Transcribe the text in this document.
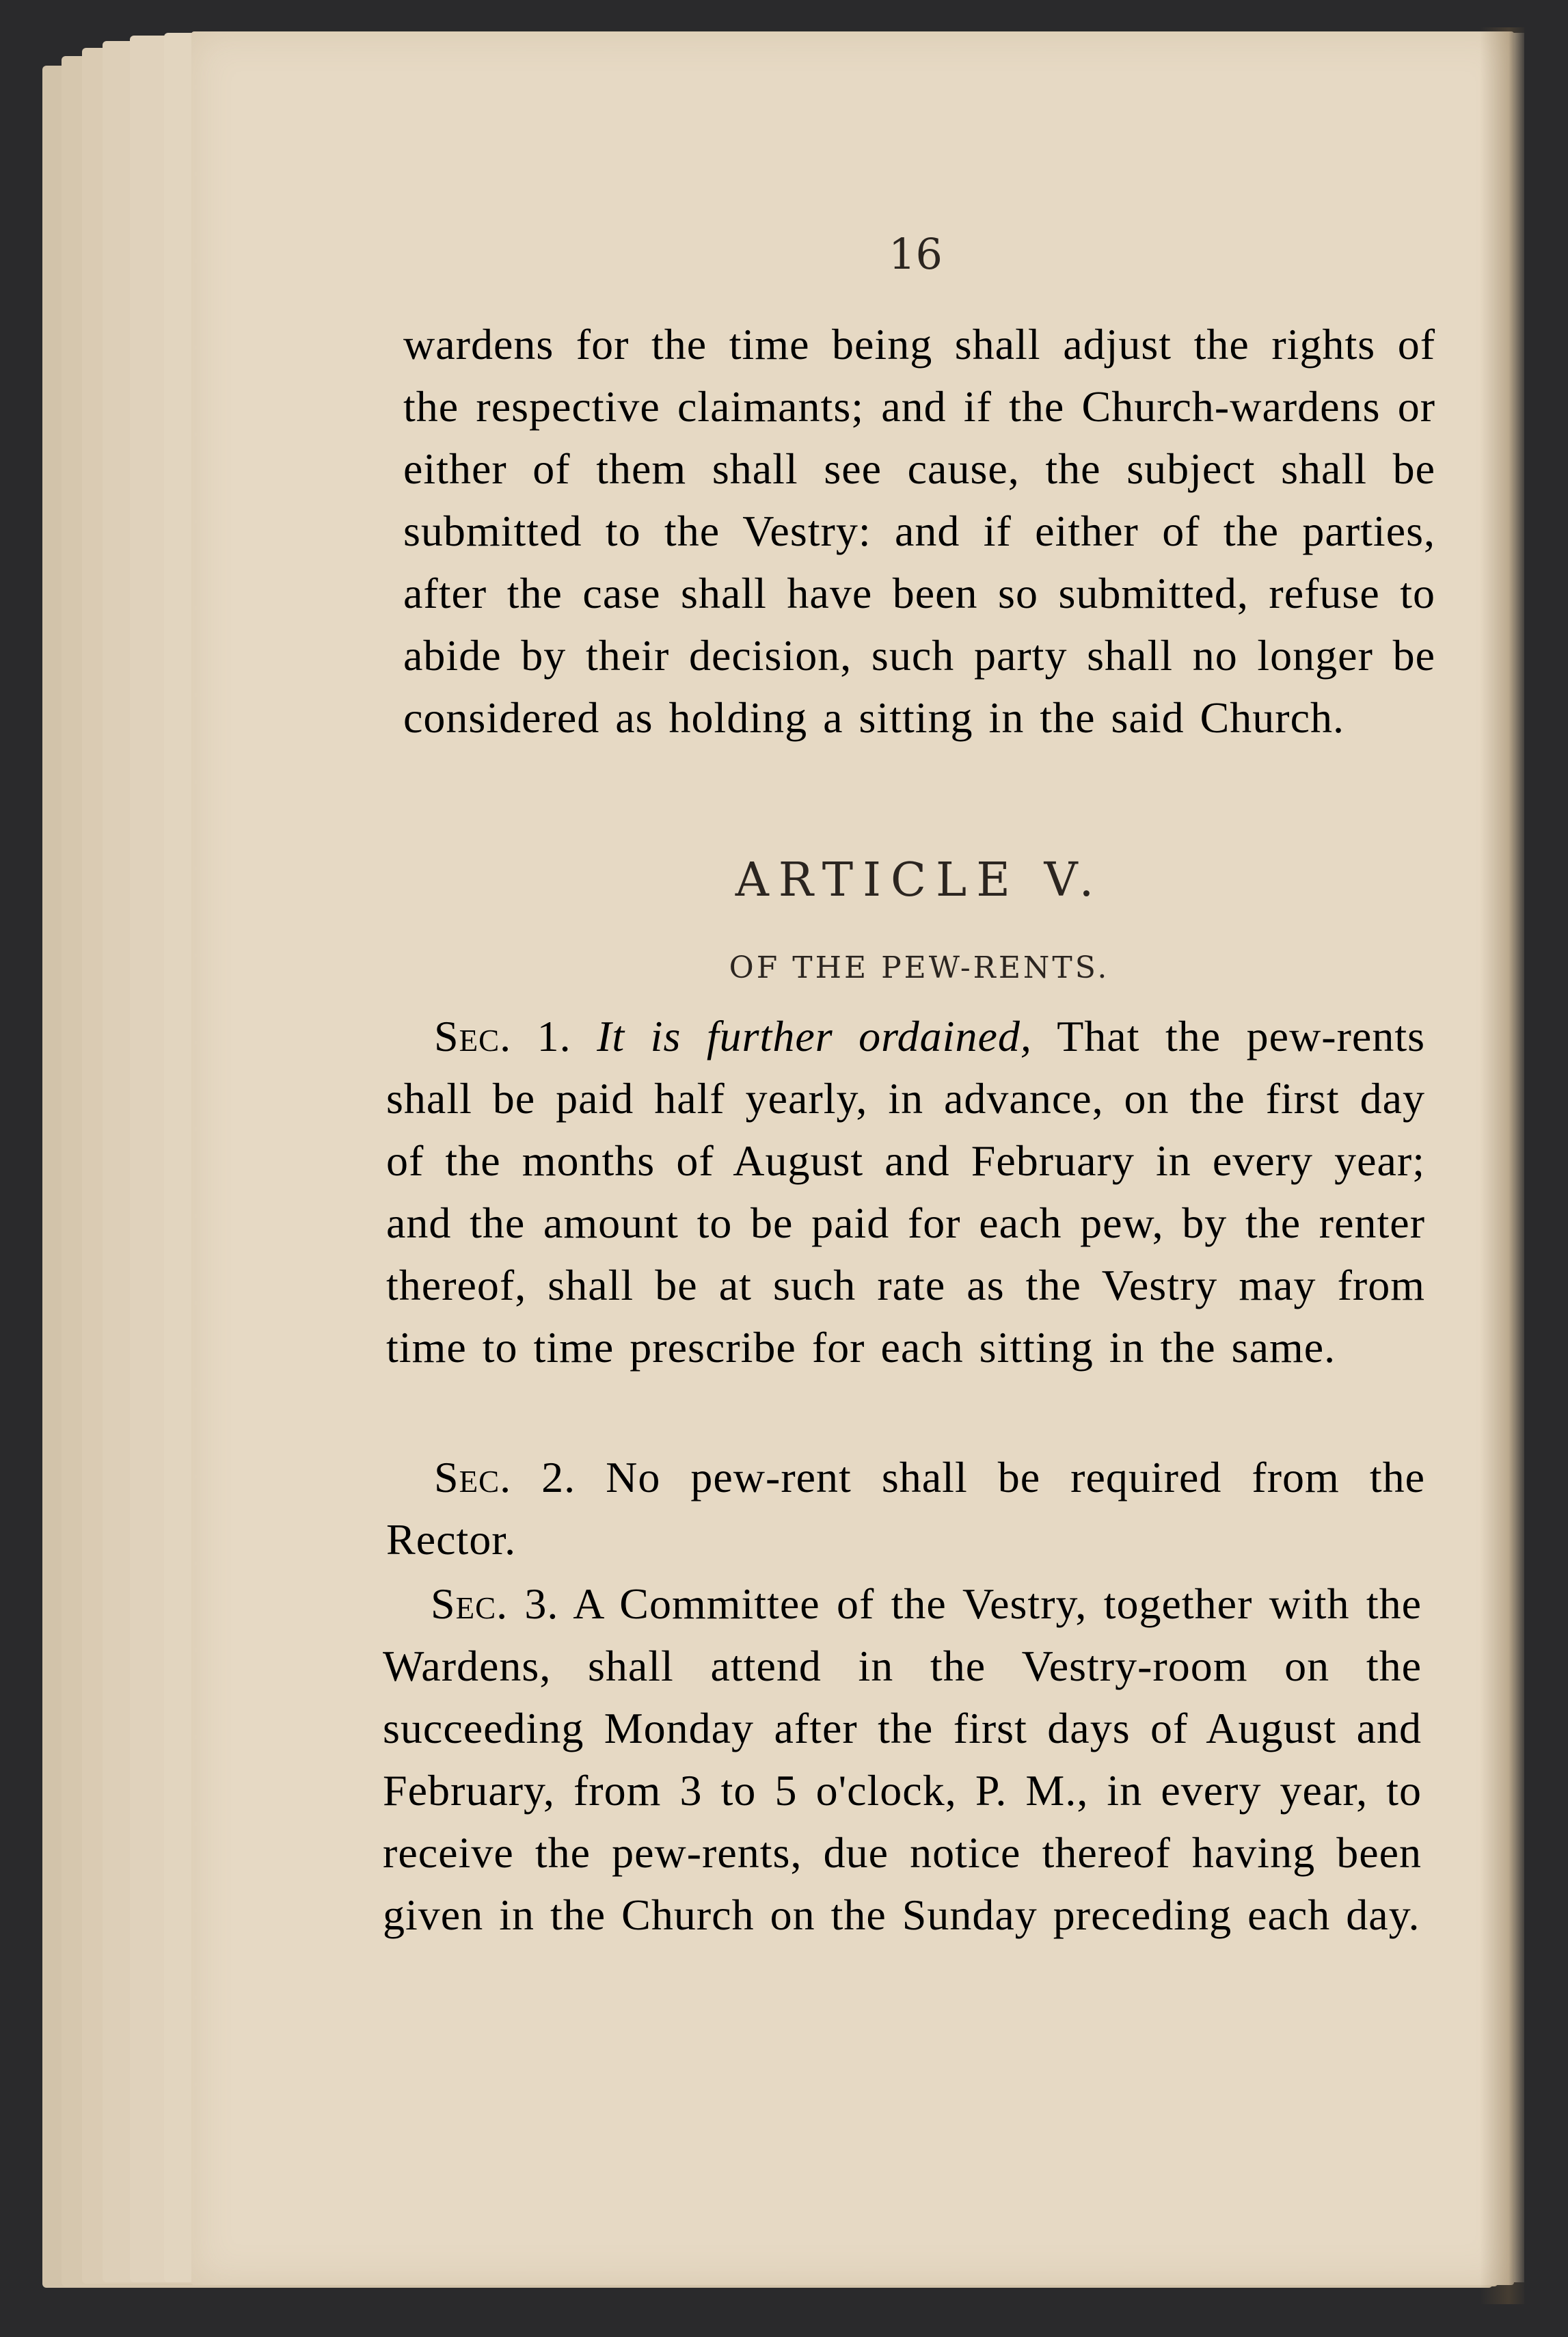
16

wardens for the time being shall adjust the rights of the respective claimants; and if the Church-wardens or either of them shall see cause, the subject shall be submitted to the Vestry: and if either of the parties, after the case shall have been so submitted, refuse to abide by their decision, such party shall no longer be considered as holding a sitting in the said Church.

ARTICLE V.
OF THE PEW-RENTS.

Sec. 1. It is further ordained, That the pew-rents shall be paid half yearly, in advance, on the first day of the months of August and February in every year; and the amount to be paid for each pew, by the renter thereof, shall be at such rate as the Vestry may from time to time prescribe for each sitting in the same.

Sec. 2. No pew-rent shall be required from the Rector.

Sec. 3. A Committee of the Vestry, together with the Wardens, shall attend in the Vestry-room on the succeeding Monday after the first days of August and February, from 3 to 5 o'clock, P. M., in every year, to receive the pew-rents, due notice thereof having been given in the Church on the Sunday preceding each day.
